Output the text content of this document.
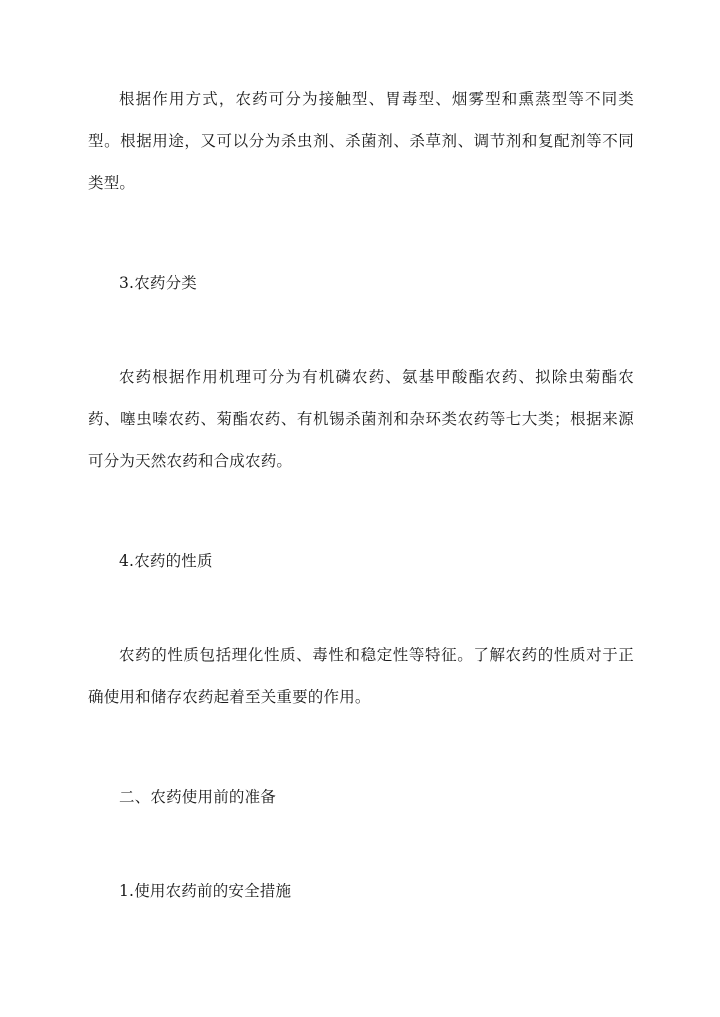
根据作用方式，农药可分为接触型、胃毒型、烟雾型和熏蒸型等不同类型。根据用途，又可以分为杀虫剂、杀菌剂、杀草剂、调节剂和复配剂等不同类型。

3.农药分类

农药根据作用机理可分为有机磷农药、氨基甲酸酯农药、拟除虫菊酯农药、噻虫嗪农药、菊酯农药、有机锡杀菌剂和杂环类农药等七大类；根据来源可分为天然农药和合成农药。

4.农药的性质

农药的性质包括理化性质、毒性和稳定性等特征。了解农药的性质对于正确使用和储存农药起着至关重要的作用。

二、农药使用前的准备

1.使用农药前的安全措施
